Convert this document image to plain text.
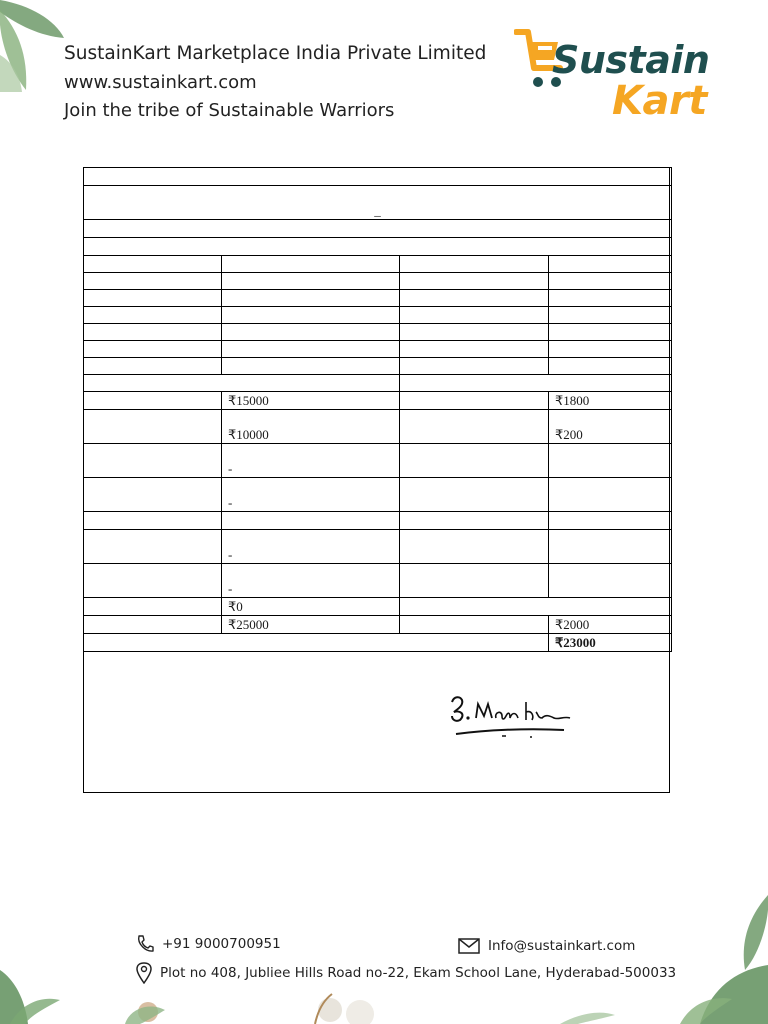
SustainKart Marketplace India Private Limited
www.sustainkart.com
Join the tribe of Sustainable Warriors
Sustain
Kart

_			

	₹15000		₹1800
	₹10000		₹200
	-		
	-		

	-		
	-		
	₹0		
	₹25000		₹2000
			₹23000
+91 9000700951	Info@sustainkart.com
Plot no 408, Jubliee Hills Road no-22, Ekam School Lane, Hyderabad-500033
